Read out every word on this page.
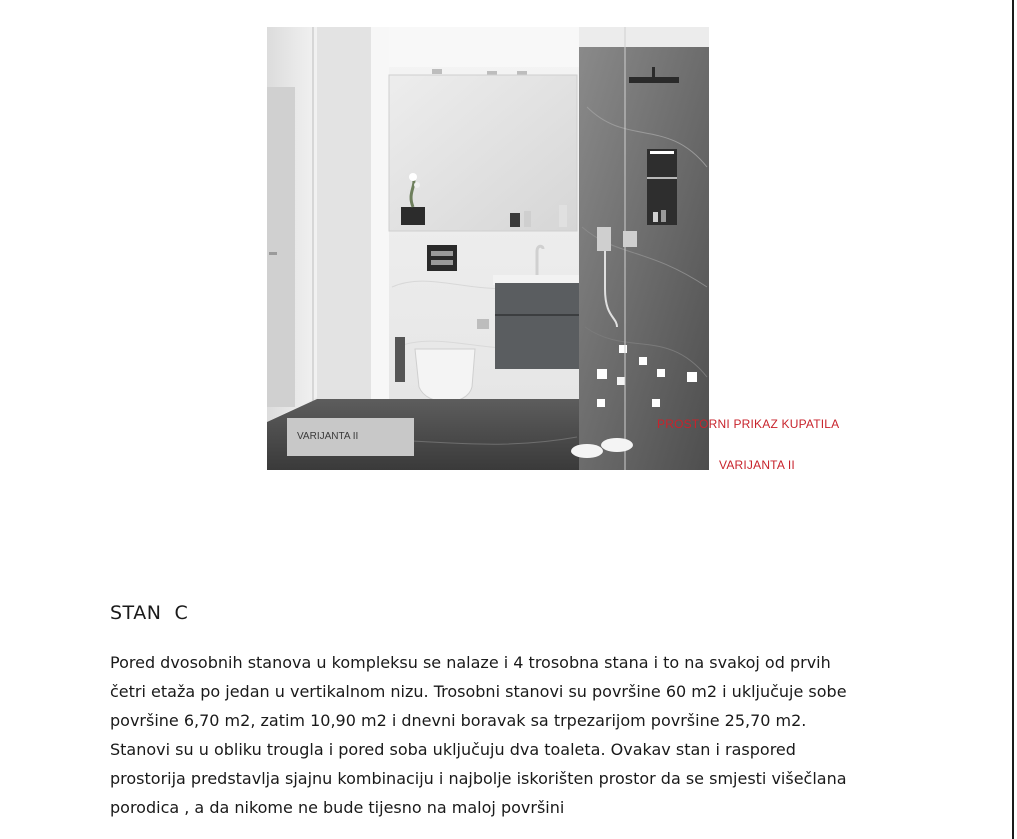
VARIJANTA II
PROSTORNI PRIKAZ KUPATILA
VARIJANTA II
STAN  C
Pored dvosobnih stanova u kompleksu se nalaze i 4 trosobna stana i to na svakoj od prvih
četri etaža po jedan u vertikalnom nizu. Trosobni stanovi su površine 60 m2 i uključuje sobe
površine 6,70 m2, zatim 10,90 m2 i dnevni boravak sa trpezarijom površine 25,70 m2.
Stanovi su u obliku trougla i pored soba uključuju dva toaleta. Ovakav stan i raspored
prostorija predstavlja sjajnu kombinaciju i najbolje iskorišten prostor da se smjesti višečlana
porodica , a da nikome ne bude tijesno na maloj površini
